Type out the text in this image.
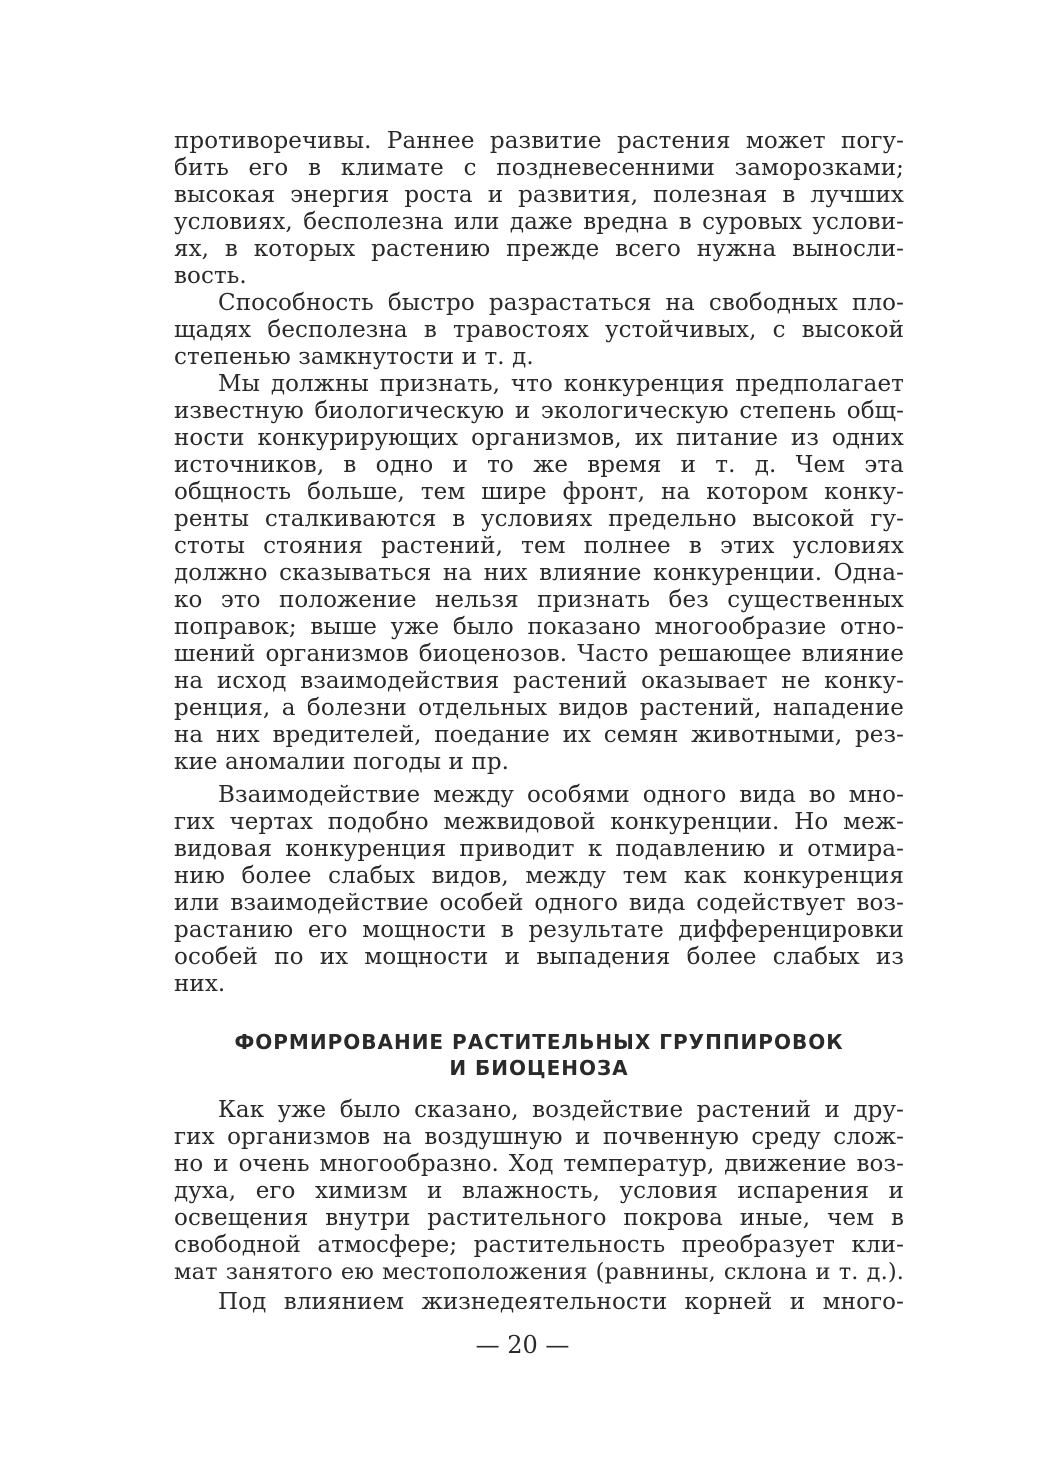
противоречивы. Раннее развитие растения может погу-
бить его в климате с поздневесенними заморозками;
высокая энергия роста и развития, полезная в лучших
условиях, бесполезна или даже вредна в суровых услови-
ях, в которых растению прежде всего нужна выносли-
вость.
Способность быстро разрастаться на свободных пло-
щадях бесполезна в травостоях устойчивых, с высокой
степенью замкнутости и т. д.
Мы должны признать, что конкуренция предполагает
известную биологическую и экологическую степень общ-
ности конкурирующих организмов, их питание из одних
источников, в одно и то же время и т. д. Чем эта
общность больше, тем шире фронт, на котором конку-
ренты сталкиваются в условиях предельно высокой гу-
стоты стояния растений, тем полнее в этих условиях
должно сказываться на них влияние конкуренции. Одна-
ко это положение нельзя признать без существенных
поправок; выше уже было показано многообразие отно-
шений организмов биоценозов. Часто решающее влияние
на исход взаимодействия растений оказывает не конку-
ренция, а болезни отдельных видов растений, нападение
на них вредителей, поедание их семян животными, рез-
кие аномалии погоды и пр.
Взаимодействие между особями одного вида во мно-
гих чертах подобно межвидовой конкуренции. Но меж-
видовая конкуренция приводит к подавлению и отмира-
нию более слабых видов, между тем как конкуренция
или взаимодействие особей одного вида содействует воз-
растанию его мощности в результате дифференцировки
особей по их мощности и выпадения более слабых из
них.
ФОРМИРОВАНИЕ РАСТИТЕЛЬНЫХ ГРУППИРОВОК
И БИОЦЕНОЗА
Как уже было сказано, воздействие растений и дру-
гих организмов на воздушную и почвенную среду слож-
но и очень многообразно. Ход температур, движение воз-
духа, его химизм и влажность, условия испарения и
освещения внутри растительного покрова иные, чем в
свободной атмосфере; растительность преобразует кли-
мат занятого ею местоположения (равнины, склона и т. д.).
Под влиянием жизнедеятельности корней и много-
— 20 —
